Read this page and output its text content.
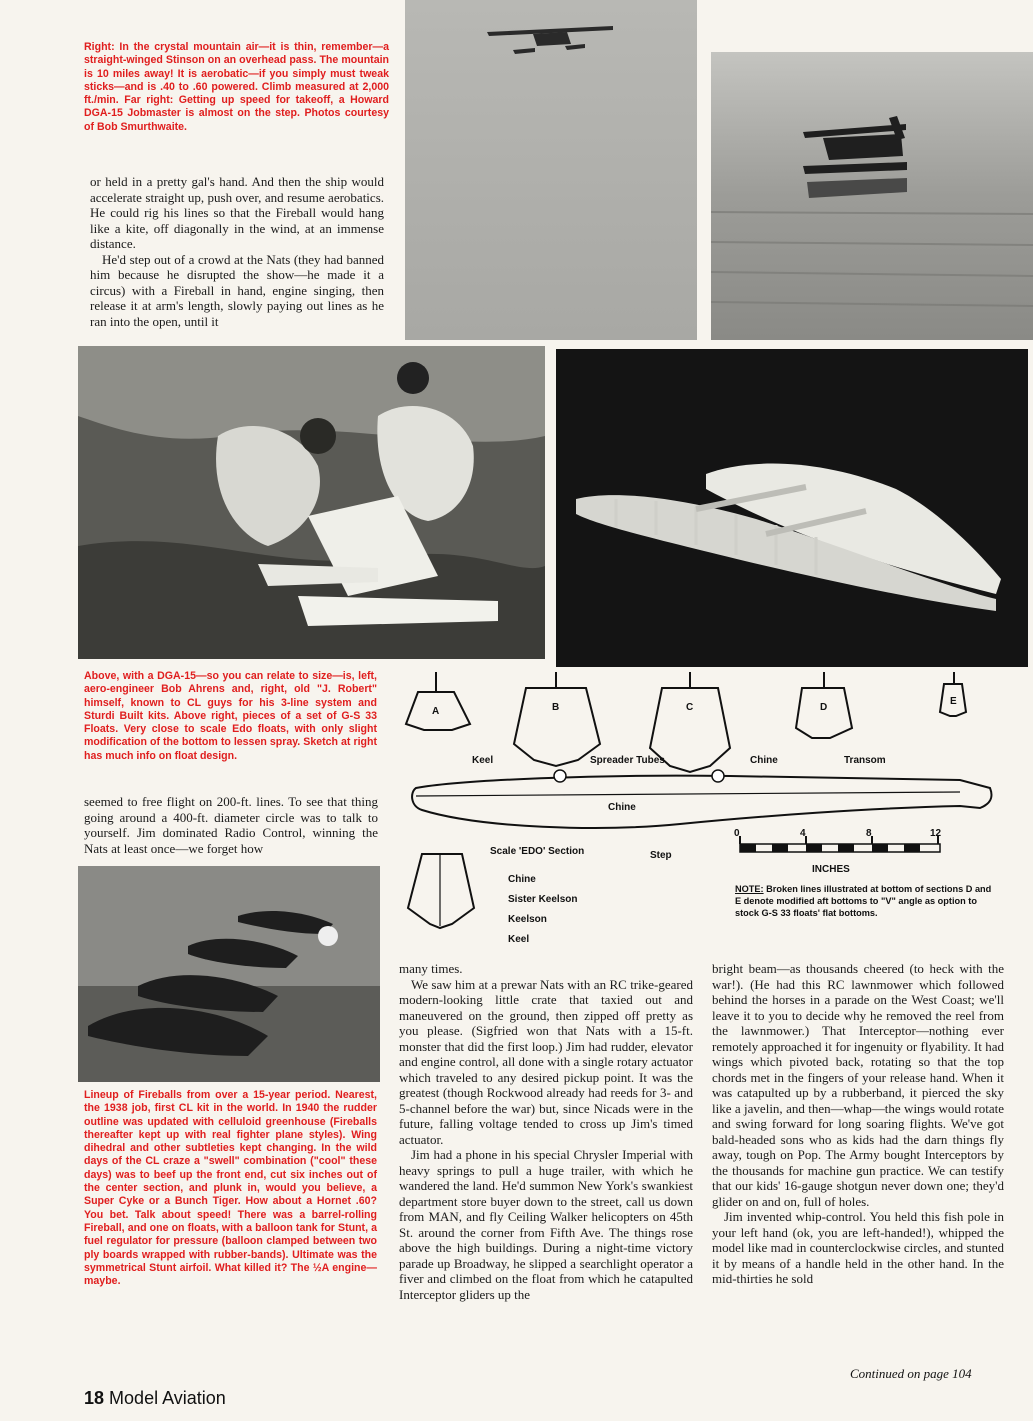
Right: In the crystal mountain air—it is thin, remember—a straight-winged Stinson on an overhead pass. The mountain is 10 miles away! It is aerobatic—if you simply must tweak sticks—and is .40 to .60 powered. Climb measured at 2,000 ft./min. Far right: Getting up speed for takeoff, a Howard DGA-15 Jobmaster is almost on the step. Photos courtesy of Bob Smurthwaite.

or held in a pretty gal's hand. And then the ship would accelerate straight up, push over, and resume aerobatics. He could rig his lines so that the Fireball would hang like a kite, off diagonally in the wind, at an immense distance.

He'd step out of a crowd at the Nats (they had banned him because he disrupted the show—he made it a circus) with a Fireball in hand, engine singing, then release it at arm's length, slowly paying out lines as he ran into the open, until it

Above, with a DGA-15—so you can relate to size—is, left, aero-engineer Bob Ahrens and, right, old "J. Robert" himself, known to CL guys for his 3-line system and Sturdi Built kits. Above right, pieces of a set of G-S 33 Floats. Very close to scale Edo floats, with only slight modification of the bottom to lessen spray. Sketch at right has much info on float design.

seemed to free flight on 200-ft. lines. To see that thing going around a 400-ft. diameter circle was to talk to yourself. Jim dominated Radio Control, winning the Nats at least once—we forget how

A	B	C	D
E
Keel	Spreader Tubes	Chine	Transom
Chine
0	4	8	12
INCHES
Step
Scale 'EDO' Section
Chine
Sister Keelson
Keelson
Keel
NOTE: Broken lines illustrated at bottom of sections D and E denote modified aft bottoms to "V" angle as option to stock G-S 33 floats' flat bottoms.

Lineup of Fireballs from over a 15-year period. Nearest, the 1938 job, first CL kit in the world. In 1940 the rudder outline was updated with celluloid greenhouse (Fireballs thereafter kept up with real fighter plane styles). Wing dihedral and other subtleties kept changing. In the wild days of the CL craze a "swell" combination ("cool" these days) was to beef up the front end, cut six inches out of the center section, and plunk in, would you believe, a Super Cyke or a Bunch Tiger. How about a Hornet .60? You bet. Talk about speed! There was a barrel-rolling Fireball, and one on floats, with a balloon tank for Stunt, a fuel regulator for pressure (balloon clamped between two ply boards wrapped with rubber-bands). Ultimate was the symmetrical Stunt airfoil. What killed it? The ½A engine—maybe.

many times.

We saw him at a prewar Nats with an RC trike-geared modern-looking little crate that taxied out and maneuvered on the ground, then zipped off pretty as you please. (Sigfried won that Nats with a 15-ft. monster that did the first loop.) Jim had rudder, elevator and engine control, all done with a single rotary actuator which traveled to any desired pickup point. It was the greatest (though Rockwood already had reeds for 3- and 5-channel before the war) but, since Nicads were in the future, falling voltage tended to cross up Jim's timed actuator.

Jim had a phone in his special Chrysler Imperial with heavy springs to pull a huge trailer, with which he wandered the land. He'd summon New York's swankiest department store buyer down to the street, call us down from MAN, and fly Ceiling Walker helicopters on 45th St. around the corner from Fifth Ave. The things rose above the high buildings. During a night-time victory parade up Broadway, he slipped a searchlight operator a fiver and climbed on the float from which he catapulted Interceptor gliders up the

bright beam—as thousands cheered (to heck with the war!). (He had this RC lawnmower which followed behind the horses in a parade on the West Coast; we'll leave it to you to decide why he removed the reel from the lawnmower.) That Interceptor—nothing ever remotely approached it for ingenuity or flyability. It had wings which pivoted back, rotating so that the top chords met in the fingers of your release hand. When it was catapulted up by a rubberband, it pierced the sky like a javelin, and then—whap—the wings would rotate and swing forward for long soaring flights. We've got bald-headed sons who as kids had the darn things fly away, tough on Pop. The Army bought Interceptors by the thousands for machine gun practice. We can testify that our kids' 16-gauge shotgun never down one; they'd glider on and on, full of holes.

Jim invented whip-control. You held this fish pole in your left hand (ok, you are left-handed!), whipped the model like mad in counterclockwise circles, and stunted it by means of a handle held in the other hand. In the mid-thirties he sold

Continued on page 104
18 Model Aviation
